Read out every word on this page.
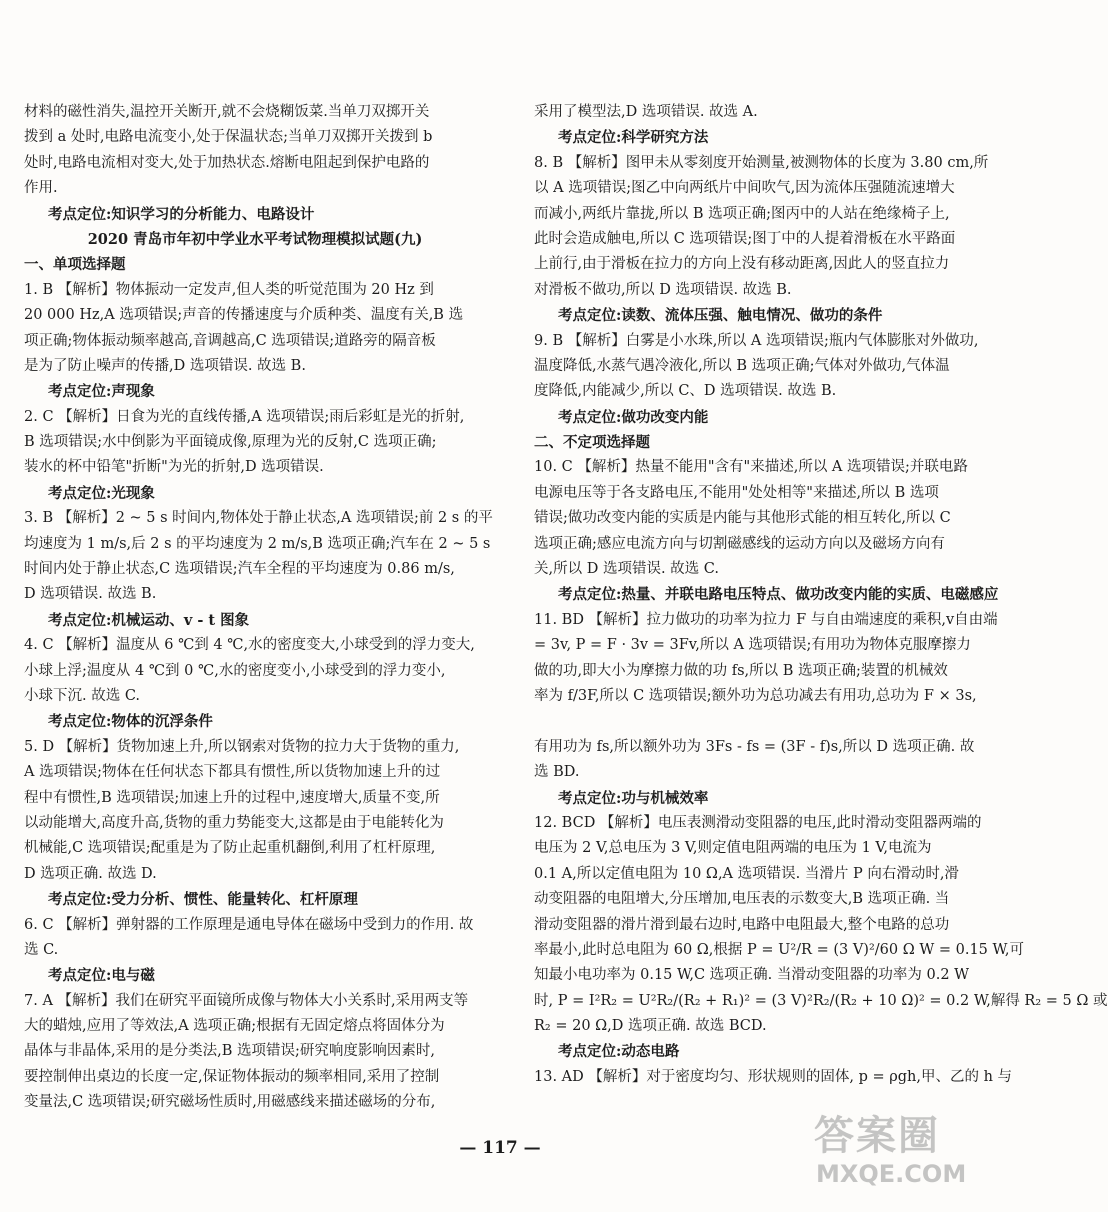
材料的磁性消失,温控开关断开,就不会烧糊饭菜.当单刀双掷开关
拨到 a 处时,电路电流变小,处于保温状态;当单刀双掷开关拨到 b
处时,电路电流相对变大,处于加热状态.熔断电阻起到保护电路的
作用.
考点定位:知识学习的分析能力、电路设计
2020 青岛市年初中学业水平考试物理模拟试题(九)
一、单项选择题
1. B 【解析】物体振动一定发声,但人类的听觉范围为 20 Hz 到
20 000 Hz,A 选项错误;声音的传播速度与介质种类、温度有关,B 选
项正确;物体振动频率越高,音调越高,C 选项错误;道路旁的隔音板
是为了防止噪声的传播,D 选项错误. 故选 B.
考点定位:声现象
2. C 【解析】日食为光的直线传播,A 选项错误;雨后彩虹是光的折射,
B 选项错误;水中倒影为平面镜成像,原理为光的反射,C 选项正确;
装水的杯中铅笔"折断"为光的折射,D 选项错误.
考点定位:光现象
3. B 【解析】2 ~ 5 s 时间内,物体处于静止状态,A 选项错误;前 2 s 的平
均速度为 1 m/s,后 2 s 的平均速度为 2 m/s,B 选项正确;汽车在 2 ~ 5 s
时间内处于静止状态,C 选项错误;汽车全程的平均速度为 0.86 m/s,
D 选项错误. 故选 B.
考点定位:机械运动、v - t 图象
4. C 【解析】温度从 6 ℃到 4 ℃,水的密度变大,小球受到的浮力变大,
小球上浮;温度从 4 ℃到 0 ℃,水的密度变小,小球受到的浮力变小,
小球下沉. 故选 C.
考点定位:物体的沉浮条件
5. D 【解析】货物加速上升,所以钢索对货物的拉力大于货物的重力,
A 选项错误;物体在任何状态下都具有惯性,所以货物加速上升的过
程中有惯性,B 选项错误;加速上升的过程中,速度增大,质量不变,所
以动能增大,高度升高,货物的重力势能变大,这都是由于电能转化为
机械能,C 选项错误;配重是为了防止起重机翻倒,利用了杠杆原理,
D 选项正确. 故选 D.
考点定位:受力分析、惯性、能量转化、杠杆原理
6. C 【解析】弹射器的工作原理是通电导体在磁场中受到力的作用. 故
选 C.
考点定位:电与磁
7. A 【解析】我们在研究平面镜所成像与物体大小关系时,采用两支等
大的蜡烛,应用了等效法,A 选项正确;根据有无固定熔点将固体分为
晶体与非晶体,采用的是分类法,B 选项错误;研究响度影响因素时,
要控制伸出桌边的长度一定,保证物体振动的频率相同,采用了控制
变量法,C 选项错误;研究磁场性质时,用磁感线来描述磁场的分布,
采用了模型法,D 选项错误. 故选 A.
考点定位:科学研究方法
8. B 【解析】图甲未从零刻度开始测量,被测物体的长度为 3.80 cm,所
以 A 选项错误;图乙中向两纸片中间吹气,因为流体压强随流速增大
而减小,两纸片靠拢,所以 B 选项正确;图丙中的人站在绝缘椅子上,
此时会造成触电,所以 C 选项错误;图丁中的人提着滑板在水平路面
上前行,由于滑板在拉力的方向上没有移动距离,因此人的竖直拉力
对滑板不做功,所以 D 选项错误. 故选 B.
考点定位:读数、流体压强、触电情况、做功的条件
9. B 【解析】白雾是小水珠,所以 A 选项错误;瓶内气体膨胀对外做功,
温度降低,水蒸气遇冷液化,所以 B 选项正确;气体对外做功,气体温
度降低,内能减少,所以 C、D 选项错误. 故选 B.
考点定位:做功改变内能
二、不定项选择题
10. C 【解析】热量不能用"含有"来描述,所以 A 选项错误;并联电路
电源电压等于各支路电压,不能用"处处相等"来描述,所以 B 选项
错误;做功改变内能的实质是内能与其他形式能的相互转化,所以 C
选项正确;感应电流方向与切割磁感线的运动方向以及磁场方向有
关,所以 D 选项错误. 故选 C.
考点定位:热量、并联电路电压特点、做功改变内能的实质、电磁感应
11. BD 【解析】拉力做功的功率为拉力 F 与自由端速度的乘积,v自由端
= 3v, P = F · 3v = 3Fv,所以 A 选项错误;有用功为物体克服摩擦力
做的功,即大小为摩擦力做的功 fs,所以 B 选项正确;装置的机械效
率为 f/3F,所以 C 选项错误;额外功为总功减去有用功,总功为 F × 3s,
有用功为 fs,所以额外功为 3Fs - fs = (3F - f)s,所以 D 选项正确. 故
选 BD.
考点定位:功与机械效率
12. BCD 【解析】电压表测滑动变阻器的电压,此时滑动变阻器两端的
电压为 2 V,总电压为 3 V,则定值电阻两端的电压为 1 V,电流为
0.1 A,所以定值电阻为 10 Ω,A 选项错误. 当滑片 P 向右滑动时,滑
动变阻器的电阻增大,分压增加,电压表的示数变大,B 选项正确. 当
滑动变阻器的滑片滑到最右边时,电路中电阻最大,整个电路的总功
率最小,此时总电阻为 60 Ω,根据 P = U²/R = (3 V)²/60 Ω W = 0.15 W,可
知最小电功率为 0.15 W,C 选项正确. 当滑动变阻器的功率为 0.2 W
时, P = I²R₂ = U²R₂/(R₂ + R₁)² = (3 V)²R₂/(R₂ + 10 Ω)² = 0.2 W,解得 R₂ = 5 Ω 或
R₂ = 20 Ω,D 选项正确. 故选 BCD.
考点定位:动态电路
13. AD 【解析】对于密度均匀、形状规则的固体, p = ρgh,甲、乙的 h 与
— 117 —	答案圈
MXQE.COM
